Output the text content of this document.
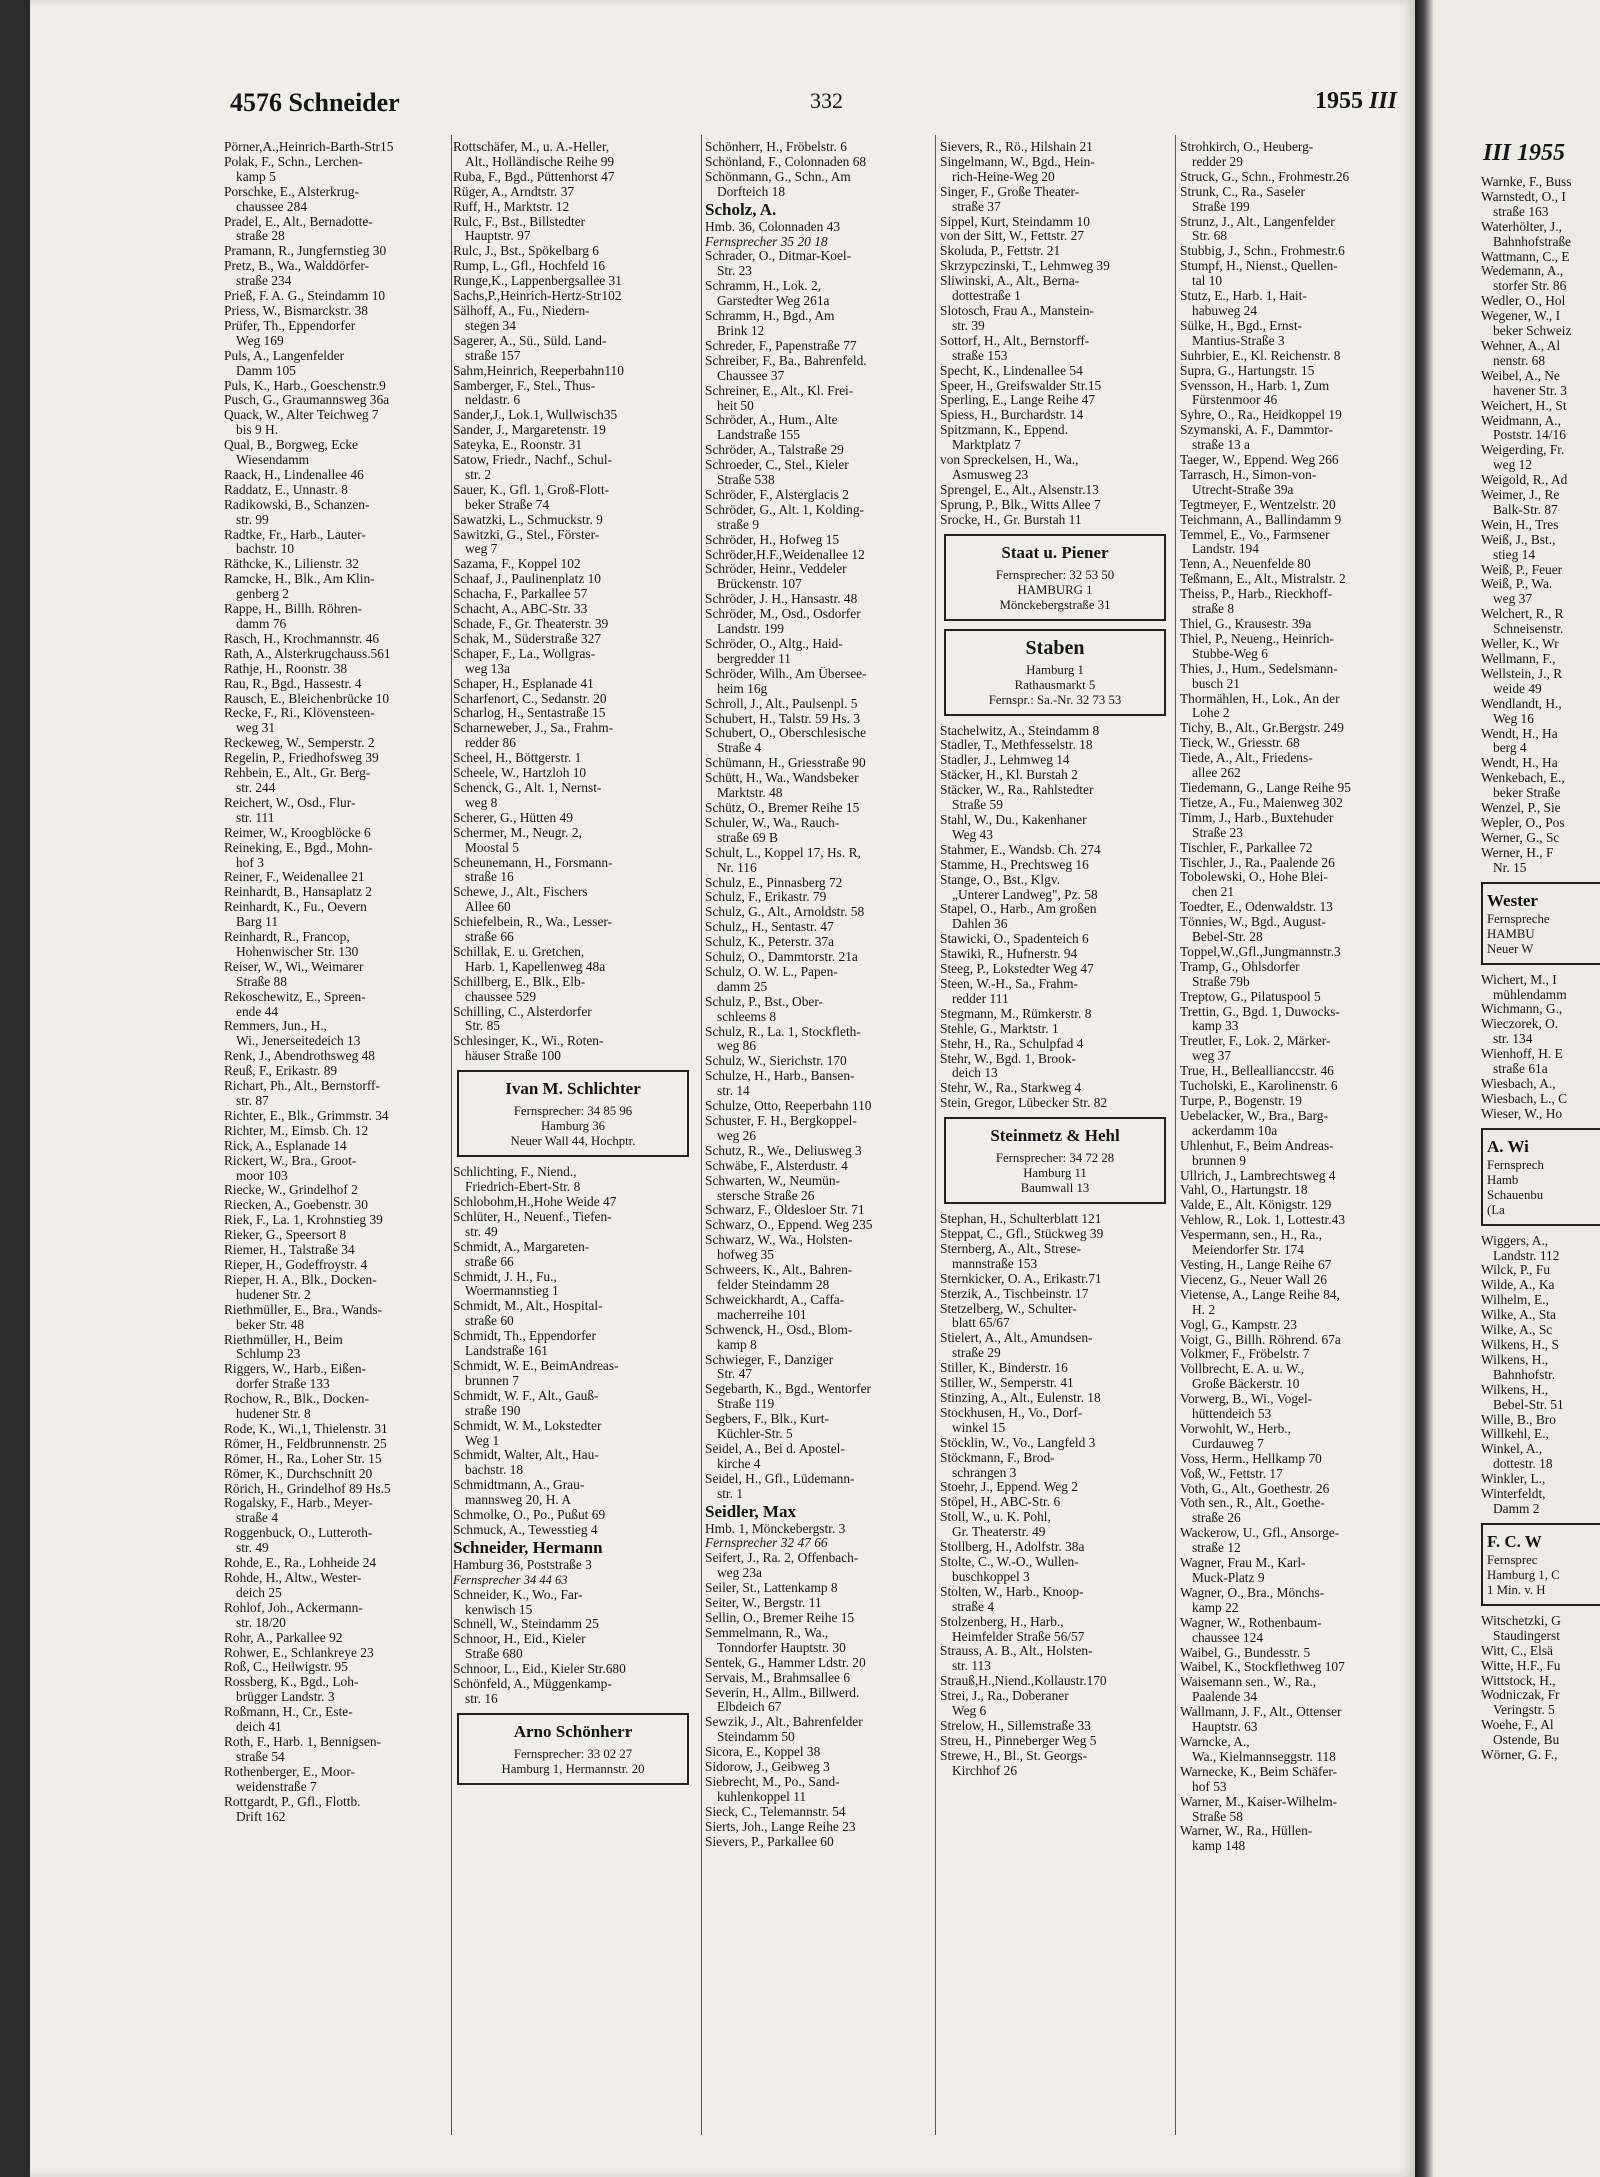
4576 Schneider	332	1955 III
Pörner,A.,Heinrich-Barth-Str15
Polak, F., Schn., Lerchen-
kamp 5
Porschke, E., Alsterkrug-
chaussee 284
Pradel, E., Alt., Bernadotte-
straße 28
Pramann, R., Jungfernstieg 30
Pretz, B., Wa., Walddörfer-
straße 234
Prieß, F. A. G., Steindamm 10
Priess, W., Bismarckstr. 38
Prüfer, Th., Eppendorfer
Weg 169
Puls, A., Langenfelder
Damm 105
Puls, K., Harb., Goeschenstr.9
Pusch, G., Graumannsweg 36a
Quack, W., Alter Teichweg 7
bis 9 H.
Qual, B., Borgweg, Ecke
Wiesendamm
Raack, H., Lindenallee 46
Raddatz, E., Unnastr. 8
Radikowski, B., Schanzen-
str. 99
Radtke, Fr., Harb., Lauter-
bachstr. 10
Räthcke, K., Lilienstr. 32
Ramcke, H., Blk., Am Klin-
genberg 2
Rappe, H., Billh. Röhren-
damm 76
Rasch, H., Krochmannstr. 46
Rath, A., Alsterkrugchauss.561
Rathje, H., Roonstr. 38
Rau, R., Bgd., Hassestr. 4
Rausch, E., Bleichenbrücke 10
Recke, F., Ri., Klövensteen-
weg 31
Reckeweg, W., Semperstr. 2
Regelin, P., Friedhofsweg 39
Rehbein, E., Alt., Gr. Berg-
str. 244
Reichert, W., Osd., Flur-
str. 111
Reimer, W., Kroogblöcke 6
Reineking, E., Bgd., Mohn-
hof 3
Reiner, F., Weidenallee 21
Reinhardt, B., Hansaplatz 2
Reinhardt, K., Fu., Oevern
Barg 11
Reinhardt, R., Francop,
Hohenwischer Str. 130
Reiser, W., Wi., Weimarer
Straße 88
Rekoschewitz, E., Spreen-
ende 44
Remmers, Jun., H.,
Wi., Jenerseitedeich 13
Renk, J., Abendrothsweg 48
Reuß, F., Erikastr. 89
Richart, Ph., Alt., Bernstorff-
str. 87
Richter, E., Blk., Grimmstr. 34
Richter, M., Eimsb. Ch. 12
Rick, A., Esplanade 14
Rickert, W., Bra., Groot-
moor 103
Riecke, W., Grindelhof 2
Riecken, A., Goebenstr. 30
Riek, F., La. 1, Krohnstieg 39
Rieker, G., Speersort 8
Riemer, H., Talstraße 34
Rieper, H., Godeffroystr. 4
Rieper, H. A., Blk., Docken-
hudener Str. 2
Riethmüller, E., Bra., Wands-
beker Str. 48
Riethmüller, H., Beim
Schlump 23
Riggers, W., Harb., Eißen-
dorfer Straße 133
Rochow, R., Blk., Docken-
hudener Str. 8
Rode, K., Wi.,1, Thielenstr. 31
Römer, H., Feldbrunnenstr. 25
Römer, H., Ra., Loher Str. 15
Römer, K., Durchschnitt 20
Rörich, H., Grindelhof 89 Hs.5
Rogalsky, F., Harb., Meyer-
straße 4
Roggenbuck, O., Lutteroth-
str. 49
Rohde, E., Ra., Lohheide 24
Rohde, H., Altw., Wester-
deich 25
Rohlof, Joh., Ackermann-
str. 18/20
Rohr, A., Parkallee 92
Rohwer, E., Schlankreye 23
Roß, C., Heilwigstr. 95
Rossberg, K., Bgd., Loh-
brügger Landstr. 3
Roßmann, H., Cr., Este-
deich 41
Roth, F., Harb. 1, Bennigsen-
straße 54
Rothenberger, E., Moor-
weidenstraße 7
Rottgardt, P., Gfl., Flottb.
Drift 162
Rottschäfer, M., u. A.-Heller,
Alt., Holländische Reihe 99
Ruba, F., Bgd., Püttenhorst 47
Rüger, A., Arndtstr. 37
Ruff, H., Marktstr. 12
Rulc, F., Bst., Billstedter
Hauptstr. 97
Rulc, J., Bst., Spökelbarg 6
Rump, L., Gfl., Hochfeld 16
Runge,K., Lappenbergsallee 31
Sachs,P.,Heinrich-Hertz-Str102
Sälhoff, A., Fu., Niedern-
stegen 34
Sagerer, A., Sü., Süld. Land-
straße 157
Sahm,Heinrich, Reeperbahn110
Samberger, F., Stel., Thus-
neldastr. 6
Sander,J., Lok.1, Wullwisch35
Sander, J., Margaretenstr. 19
Sateyka, E., Roonstr. 31
Satow, Friedr., Nachf., Schul-
str. 2
Sauer, K., Gfl. 1, Groß-Flott-
beker Straße 74
Sawatzki, L., Schmuckstr. 9
Sawitzki, G., Stel., Förster-
weg 7
Sazama, F., Koppel 102
Schaaf, J., Paulinenplatz 10
Schacha, F., Parkallee 57
Schacht, A., ABC-Str. 33
Schade, F., Gr. Theaterstr. 39
Schak, M., Süderstraße 327
Schaper, F., La., Wollgras-
weg 13a
Schaper, H., Esplanade 41
Scharfenort, C., Sedanstr. 20
Scharlog, H., Sentastraße 15
Scharneweber, J., Sa., Frahm-
redder 86
Scheel, H., Böttgerstr. 1
Scheele, W., Hartzloh 10
Schenck, G., Alt. 1, Nernst-
weg 8
Scherer, G., Hütten 49
Schermer, M., Neugr. 2,
Moostal 5
Scheunemann, H., Forsmann-
straße 16
Schewe, J., Alt., Fischers
Allee 60
Schiefelbein, R., Wa., Lesser-
straße 66
Schillak, E. u. Gretchen,
Harb. 1, Kapellenweg 48a
Schillberg, E., Blk., Elb-
chaussee 529
Schilling, C., Alsterdorfer
Str. 85
Schlesinger, K., Wi., Roten-
häuser Straße 100
Ivan M. Schlichter
Fernsprecher: 34 85 96
Hamburg 36
Neuer Wall 44, Hochptr.
Schlichting, F., Niend.,
Friedrich-Ebert-Str. 8
Schlobohm,H.,Hohe Weide 47
Schlüter, H., Neuenf., Tiefen-
str. 49
Schmidt, A., Margareten-
straße 66
Schmidt, J. H., Fu.,
Woermannstieg 1
Schmidt, M., Alt., Hospital-
straße 60
Schmidt, Th., Eppendorfer
Landstraße 161
Schmidt, W. E., BeimAndreas-
brunnen 7
Schmidt, W. F., Alt., Gauß-
straße 190
Schmidt, W. M., Lokstedter
Weg 1
Schmidt, Walter, Alt., Hau-
bachstr. 18
Schmidtmann, A., Grau-
mannsweg 20, H. A
Schmolke, O., Po., Pußut 69
Schmuck, A., Tewesstieg 4
Schneider, Hermann
Hamburg 36, Poststraße 3
Fernsprecher 34 44 63
Schneider, K., Wo., Far-
kenwisch 15
Schnell, W., Steindamm 25
Schnoor, H., Eid., Kieler
Straße 680
Schnoor, L., Eid., Kieler Str.680
Schönfeld, A., Müggenkamp-
str. 16
Arno Schönherr
Fernsprecher: 33 02 27
Hamburg 1, Hermannstr. 20
Schönherr, H., Fröbelstr. 6
Schönland, F., Colonnaden 68
Schönmann, G., Schn., Am
Dorfteich 18
Scholz, A.
Hmb. 36, Colonnaden 43
Fernsprecher 35 20 18
Schrader, O., Ditmar-Koel-
Str. 23
Schramm, H., Lok. 2,
Garstedter Weg 261a
Schramm, H., Bgd., Am
Brink 12
Schreder, F., Papenstraße 77
Schreiber, F., Ba., Bahrenfeld.
Chaussee 37
Schreiner, E., Alt., Kl. Frei-
heit 50
Schröder, A., Hum., Alte
Landstraße 155
Schröder, A., Talstraße 29
Schroeder, C., Stel., Kieler
Straße 538
Schröder, F., Alsterglacis 2
Schröder, G., Alt. 1, Kolding-
straße 9
Schröder, H., Hofweg 15
Schröder,H.F.,Weidenallee 12
Schröder, Heinr., Veddeler
Brückenstr. 107
Schröder, J. H., Hansastr. 48
Schröder, M., Osd., Osdorfer
Landstr. 199
Schröder, O., Altg., Haid-
bergredder 11
Schröder, Wilh., Am Übersee-
heim 16g
Schroll, J., Alt., Paulsenpl. 5
Schubert, H., Talstr. 59 Hs. 3
Schubert, O., Oberschlesische
Straße 4
Schümann, H., Griesstraße 90
Schütt, H., Wa., Wandsbeker
Marktstr. 48
Schütz, O., Bremer Reihe 15
Schuler, W., Wa., Rauch-
straße 69 B
Schult, L., Koppel 17, Hs. R,
Nr. 116
Schulz, E., Pinnasberg 72
Schulz, F., Erikastr. 79
Schulz, G., Alt., Arnoldstr. 58
Schulz,, H., Sentastr. 47
Schulz, K., Peterstr. 37a
Schulz, O., Dammtorstr. 21a
Schulz, O. W. L., Papen-
damm 25
Schulz, P., Bst., Ober-
schleems 8
Schulz, R., La. 1, Stockfleth-
weg 86
Schulz, W., Sierichstr. 170
Schulze, H., Harb., Bansen-
str. 14
Schulze, Otto, Reeperbahn 110
Schuster, F. H., Bergkoppel-
weg 26
Schutz, R., We., Deliusweg 3
Schwäbe, F., Alsterdustr. 4
Schwarten, W., Neumün-
stersche Straße 26
Schwarz, F., Oldesloer Str. 71
Schwarz, O., Eppend. Weg 235
Schwarz, W., Wa., Holsten-
hofweg 35
Schweers, K., Alt., Bahren-
felder Steindamm 28
Schweickhardt, A., Caffa-
macherreihe 101
Schwenck, H., Osd., Blom-
kamp 8
Schwieger, F., Danziger
Str. 47
Segebarth, K., Bgd., Wentorfer
Straße 119
Segbers, F., Blk., Kurt-
Küchler-Str. 5
Seidel, A., Bei d. Apostel-
kirche 4
Seidel, H., Gfl., Lüdemann-
str. 1
Seidler, Max
Hmb. 1, Mönckebergstr. 3
Fernsprecher 32 47 66
Seifert, J., Ra. 2, Offenbach-
weg 23a
Seiler, St., Lattenkamp 8
Seiter, W., Bergstr. 11
Sellin, O., Bremer Reihe 15
Semmelmann, R., Wa.,
Tonndorfer Hauptstr. 30
Sentek, G., Hammer Ldstr. 20
Servais, M., Brahmsallee 6
Severin, H., Allm., Billwerd.
Elbdeich 67
Sewzik, J., Alt., Bahrenfelder
Steindamm 50
Sicora, E., Koppel 38
Sidorow, J., Geibweg 3
Siebrecht, M., Po., Sand-
kuhlenkoppel 11
Sieck, C., Telemannstr. 54
Sierts, Joh., Lange Reihe 23
Sievers, P., Parkallee 60
Sievers, R., Rö., Hilshain 21
Singelmann, W., Bgd., Hein-
rich-Heine-Weg 20
Singer, F., Große Theater-
straße 37
Sippel, Kurt, Steindamm 10
von der Sitt, W., Fettstr. 27
Skoluda, P., Fettstr. 21
Skrzypczinski, T., Lehmweg 39
Sliwinski, A., Alt., Berna-
dottestraße 1
Slotosch, Frau A., Manstein-
str. 39
Sottorf, H., Alt., Bernstorff-
straße 153
Specht, K., Lindenallee 54
Speer, H., Greifswalder Str.15
Sperling, E., Lange Reihe 47
Spiess, H., Burchardstr. 14
Spitzmann, K., Eppend.
Marktplatz 7
von Spreckelsen, H., Wa.,
Asmusweg 23
Sprengel, E., Alt., Alsenstr.13
Sprung, P., Blk., Witts Allee 7
Srocke, H., Gr. Burstah 11
Staat u. Piener
Fernsprecher: 32 53 50
HAMBURG 1
Mönckebergstraße 31
Staben
Hamburg 1
Rathausmarkt 5
Fernspr.: Sa.-Nr. 32 73 53
Stachelwitz, A., Steindamm 8
Stadler, T., Methfesselstr. 18
Stadler, J., Lehmweg 14
Stäcker, H., Kl. Burstah 2
Stäcker, W., Ra., Rahlstedter
Straße 59
Stahl, W., Du., Kakenhaner
Weg 43
Stahmer, E., Wandsb. Ch. 274
Stamme, H., Prechtsweg 16
Stange, O., Bst., Klgv.
„Unterer Landweg", Pz. 58
Stapel, O., Harb., Am großen
Dahlen 36
Stawicki, O., Spadenteich 6
Stawiki, R., Hufnerstr. 94
Steeg, P., Lokstedter Weg 47
Steen, W.-H., Sa., Frahm-
redder 111
Stegmann, M., Rümkerstr. 8
Stehle, G., Marktstr. 1
Stehr, H., Ra., Schulpfad 4
Stehr, W., Bgd. 1, Brook-
deich 13
Stehr, W., Ra., Starkweg 4
Stein, Gregor, Lübecker Str. 82
Steinmetz & Hehl
Fernsprecher: 34 72 28
Hamburg 11
Baumwall 13
Stephan, H., Schulterblatt 121
Steppat, C., Gfl., Stückweg 39
Sternberg, A., Alt., Strese-
mannstraße 153
Sternkicker, O. A., Erikastr.71
Sterzik, A., Tischbeinstr. 17
Stetzelberg, W., Schulter-
blatt 65/67
Stielert, A., Alt., Amundsen-
straße 29
Stiller, K., Binderstr. 16
Stiller, W., Semperstr. 41
Stinzing, A., Alt., Eulenstr. 18
Stockhusen, H., Vo., Dorf-
winkel 15
Stöcklin, W., Vo., Langfeld 3
Stöckmann, F., Brod-
schrangen 3
Stoehr, J., Eppend. Weg 2
Stöpel, H., ABC-Str. 6
Stoll, W., u. K. Pohl,
Gr. Theaterstr. 49
Stollberg, H., Adolfstr. 38a
Stolte, C., W.-O., Wullen-
buschkoppel 3
Stolten, W., Harb., Knoop-
straße 4
Stolzenberg, H., Harb.,
Heimfelder Straße 56/57
Strauss, A. B., Alt., Holsten-
str. 113
Strauß,H.,Niend.,Kollaustr.170
Strei, J., Ra., Doberaner
Weg 6
Strelow, H., Sillemstraße 33
Streu, H., Pinneberger Weg 5
Strewe, H., Bl., St. Georgs-
Kirchhof 26
Strohkirch, O., Heuberg-
redder 29
Struck, G., Schn., Frohmestr.26
Strunk, C., Ra., Saseler
Straße 199
Strunz, J., Alt., Langenfelder
Str. 68
Stubbig, J., Schn., Frohmestr.6
Stumpf, H., Nienst., Quellen-
tal 10
Stutz, E., Harb. 1, Hait-
habuweg 24
Sülke, H., Bgd., Ernst-
Mantius-Straße 3
Suhrbier, E., Kl. Reichenstr. 8
Supra, G., Hartungstr. 15
Svensson, H., Harb. 1, Zum
Fürstenmoor 46
Syhre, O., Ra., Heidkoppel 19
Szymanski, A. F., Dammtor-
straße 13 a
Taeger, W., Eppend. Weg 266
Tarrasch, H., Simon-von-
Utrecht-Straße 39a
Tegtmeyer, F., Wentzelstr. 20
Teichmann, A., Ballindamm 9
Temmel, E., Vo., Farmsener
Landstr. 194
Tenn, A., Neuenfelde 80
Teßmann, E., Alt., Mistralstr. 2
Theiss, P., Harb., Rieckhoff-
straße 8
Thiel, G., Krausestr. 39a
Thiel, P., Neueng., Heinrich-
Stubbe-Weg 6
Thies, J., Hum., Sedelsmann-
busch 21
Thormählen, H., Lok., An der
Lohe 2
Tichy, B., Alt., Gr.Bergstr. 249
Tieck, W., Griesstr. 68
Tiede, A., Alt., Friedens-
allee 262
Tiedemann, G., Lange Reihe 95
Tietze, A., Fu., Maienweg 302
Timm, J., Harb., Buxtehuder
Straße 23
Tischler, F., Parkallee 72
Tischler, J., Ra., Paalende 26
Tobolewski, O., Hohe Blei-
chen 21
Toedter, E., Odenwaldstr. 13
Tönnies, W., Bgd., August-
Bebel-Str. 28
Toppel,W.,Gfl.,Jungmannstr.3
Tramp, G., Ohlsdorfer
Straße 79b
Treptow, G., Pilatuspool 5
Trettin, G., Bgd. 1, Duwocks-
kamp 33
Treutler, F., Lok. 2, Märker-
weg 37
True, H., Belleallianccstr. 46
Tucholski, E., Karolinenstr. 6
Turpe, P., Bogenstr. 19
Uebelacker, W., Bra., Barg-
ackerdamm 10a
Uhlenhut, F., Beim Andreas-
brunnen 9
Ullrich, J., Lambrechtsweg 4
Vahl, O., Hartungstr. 18
Valde, E., Alt. Königstr. 129
Vehlow, R., Lok. 1, Lottestr.43
Vespermann, sen., H., Ra.,
Meiendorfer Str. 174
Vesting, H., Lange Reihe 67
Viecenz, G., Neuer Wall 26
Vietense, A., Lange Reihe 84,
H. 2
Vogl, G., Kampstr. 23
Voigt, G., Billh. Röhrend. 67a
Volkmer, F., Fröbelstr. 7
Vollbrecht, E. A. u. W.,
Große Bäckerstr. 10
Vorwerg, B., Wi., Vogel-
hüttendeich 53
Vorwohlt, W., Herb.,
Curdauweg 7
Voss, Herm., Hellkamp 70
Voß, W., Fettstr. 17
Voth, G., Alt., Goethestr. 26
Voth sen., R., Alt., Goethe-
straße 26
Wackerow, U., Gfl., Ansorge-
straße 12
Wagner, Frau M., Karl-
Muck-Platz 9
Wagner, O., Bra., Mönchs-
kamp 22
Wagner, W., Rothenbaum-
chaussee 124
Waibel, G., Bundesstr. 5
Waibel, K., Stockflethweg 107
Waisemann sen., W., Ra.,
Paalende 34
Wallmann, J. F., Alt., Ottenser
Hauptstr. 63
Warncke, A.,
Wa., Kielmannseggstr. 118
Warnecke, K., Beim Schäfer-
hof 53
Warner, M., Kaiser-Wilhelm-
Straße 58
Warner, W., Ra., Hüllen-
kamp 148
III 1955
Warnke, F., Buss
Warnstedt, O., I
straße 163
Waterhölter, J.,
Bahnhofstraße
Wattmann, C., E
Wedemann, A.,
storfer Str. 86
Wedler, O., Hol
Wegener, W., I
beker Schweiz
Wehner, A., Al
nenstr. 68
Weibel, A., Ne
havener Str. 3
Weichert, H., St
Weidmann, A.,
Poststr. 14/16
Weigerding, Fr.
weg 12
Weigold, R., Ad
Weimer, J., Re
Balk-Str. 87
Wein, H., Tres
Weiß, J., Bst.,
stieg 14
Weiß, P., Feuer
Weiß, P., Wa.
weg 37
Welchert, R., R
Schneisenstr.
Weller, K., Wr
Wellmann, F.,
Wellstein, J., R
weide 49
Wendlandt, H.,
Weg 16
Wendt, H., Ha
berg 4
Wendt, H., Ha
Wenkebach, E.,
beker Straße
Wenzel, P., Sie
Wepler, O., Pos
Werner, G., Sc
Werner, H., F
Nr. 15
Wester
Fernspreche
HAMBU
Neuer W
Wichert, M., I
mühlendamm
Wichmann, G.,
Wieczorek, O.
str. 134
Wienhoff, H. E
straße 61a
Wiesbach, A.,
Wiesbach, L., C
Wieser, W., Ho
A. Wi
Fernsprech
Hamb
Schauenbu
(La
Wiggers, A.,
Landstr. 112
Wilck, P., Fu
Wilde, A., Ka
Wilhelm, E.,
Wilke, A., Sta
Wilke, A., Sc
Wilkens, H., S
Wilkens, H.,
Bahnhofstr.
Wilkens, H.,
Bebel-Str. 51
Wille, B., Bro
Willkehl, E.,
Winkel, A.,
dottestr. 18
Winkler, L.,
Winterfeldt,
Damm 2
F. C. W
Fernsprec
Hamburg 1, C
1 Min. v. H
Witschetzki, G
Staudingerst
Witt, C., Elsä
Witte, H.F., Fu
Wittstock, H.,
Wodniczak, Fr
Veringstr. 5
Woehe, F., Al
Ostende, Bu
Wörner, G. F.,
